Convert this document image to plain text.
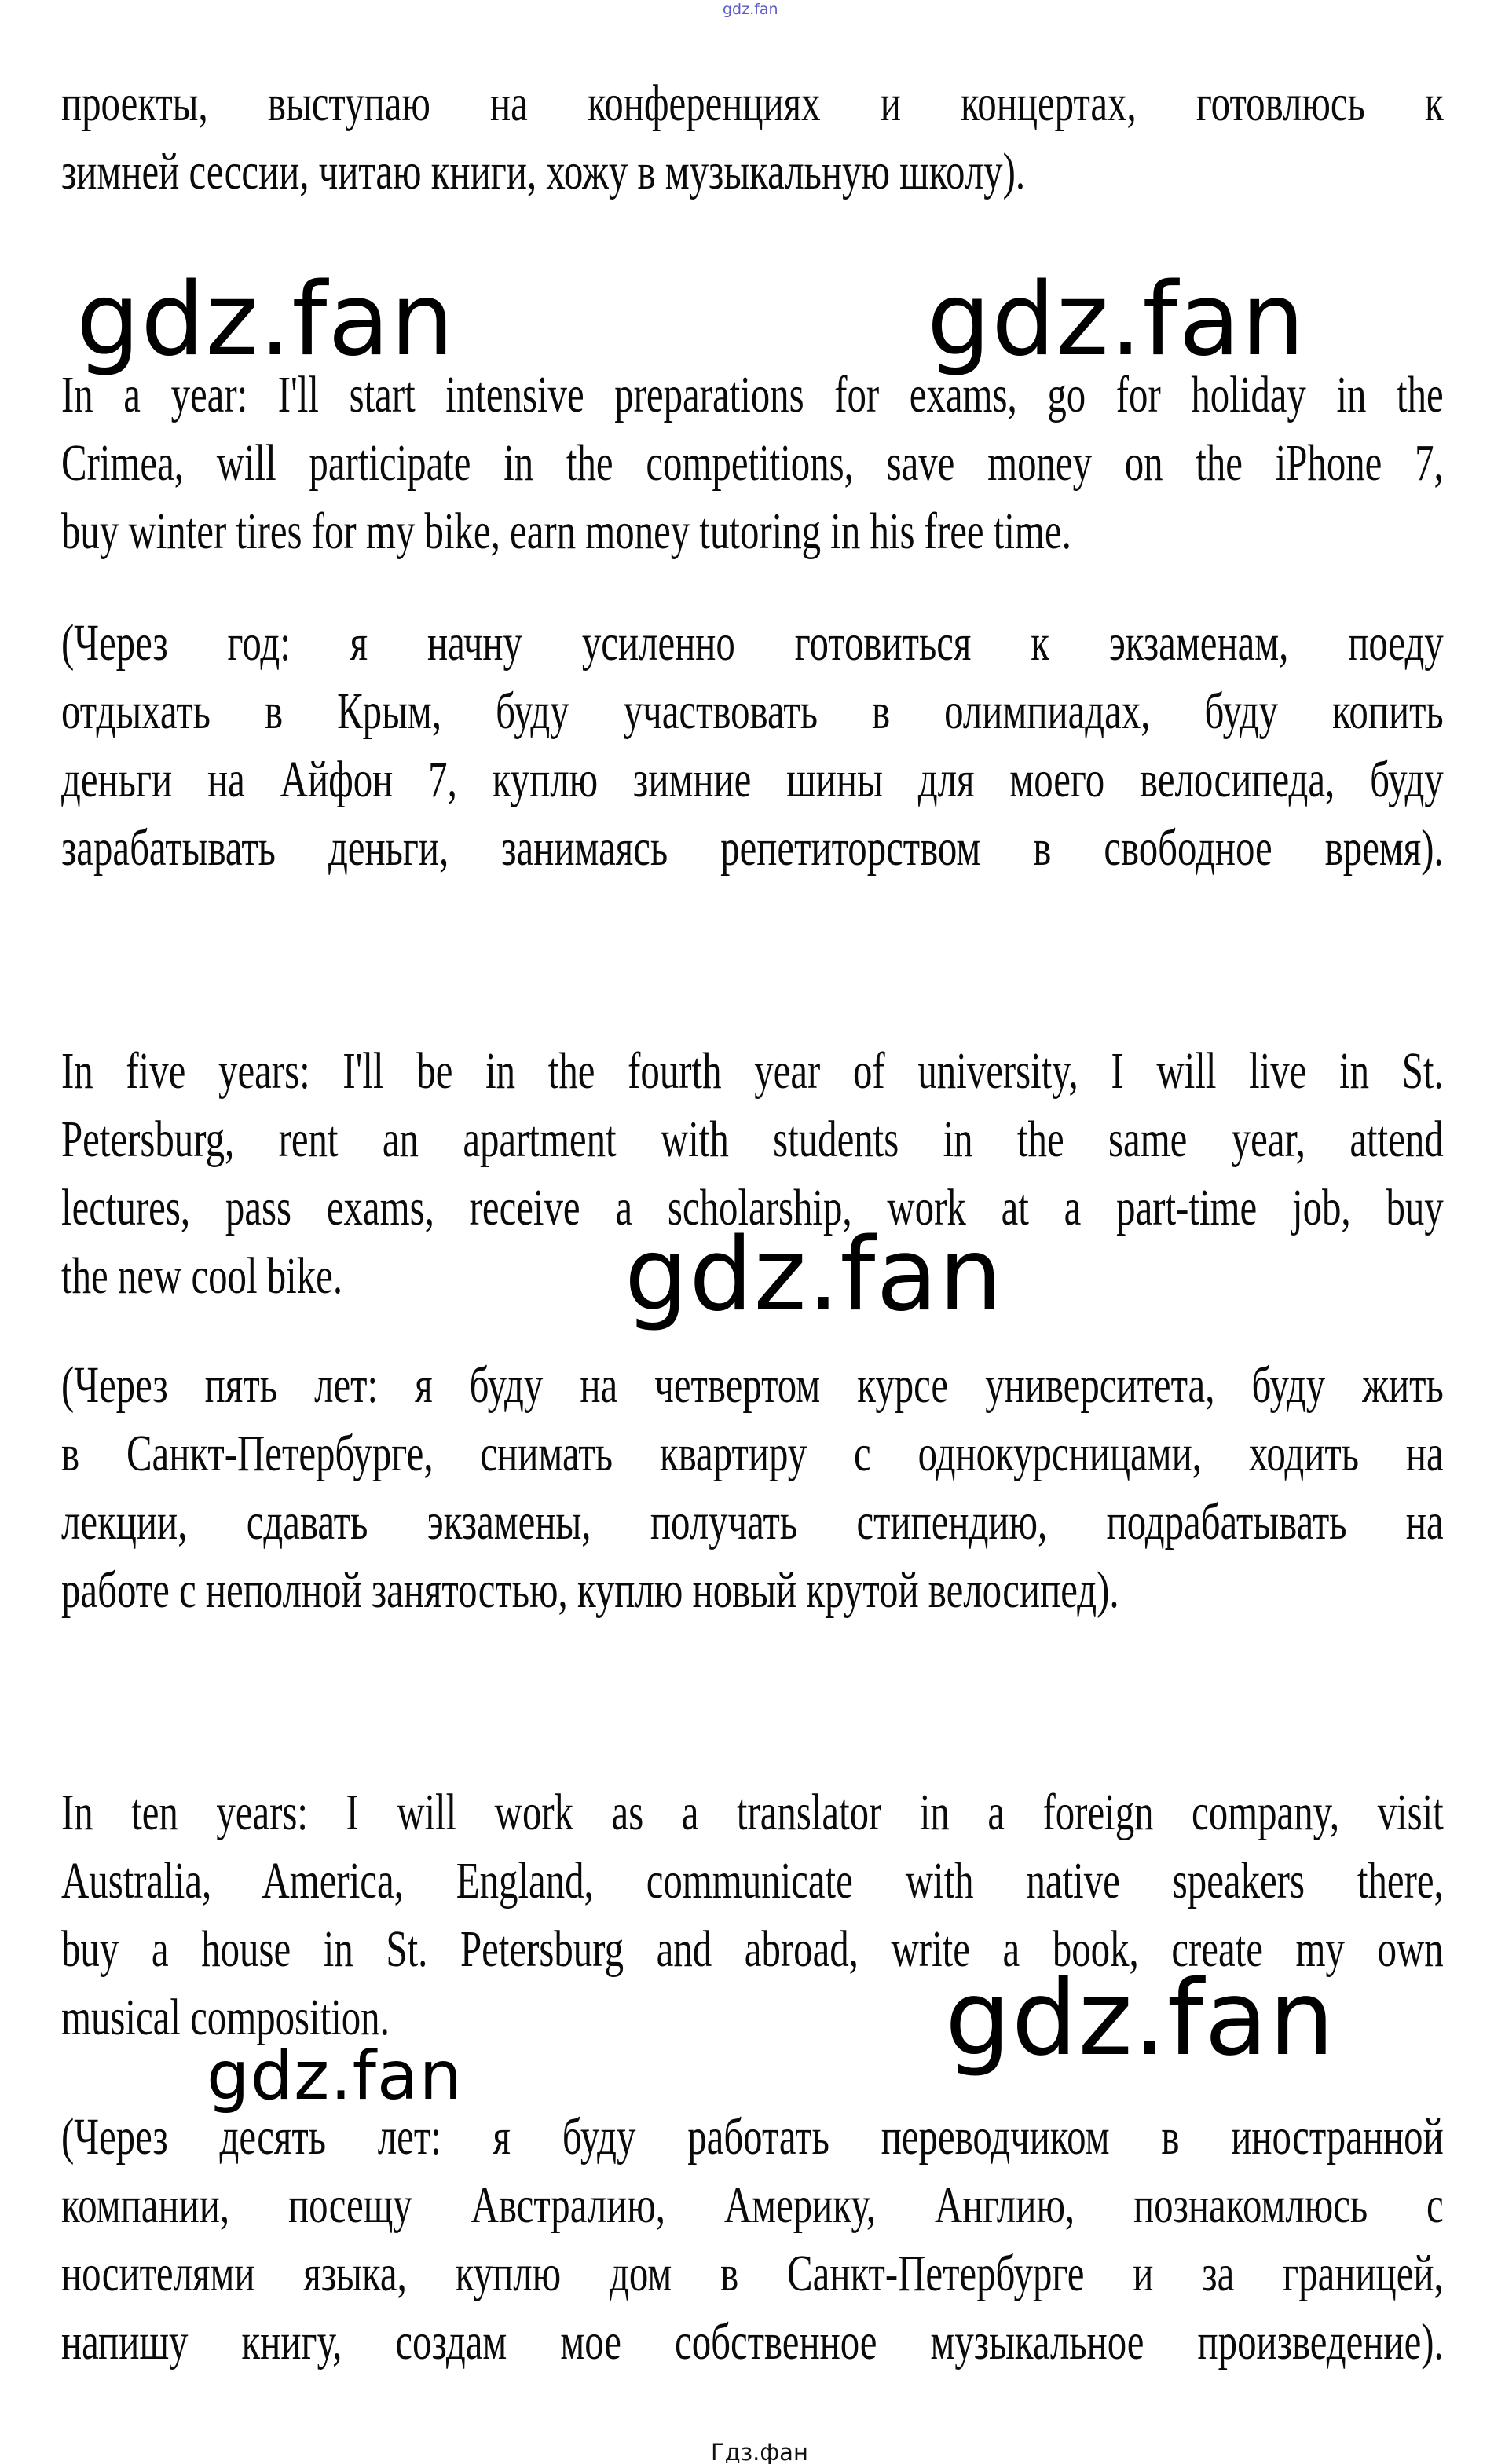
gdz.fan
gdz.fan	gdz.fan
проекты, выступаю на конференциях и концертах, готовлюсь к
зимней сессии, читаю книги, хожу в музыкальную школу).
In a year: I'll start intensive preparations for exams, go for holiday in the
Crimea, will participate in the competitions, save money on the iPhone 7,
buy winter tires for my bike, earn money tutoring in his free time.
(Через год: я начну усиленно готовиться к экзаменам, поеду
отдыхать в Крым, буду участвовать в олимпиадах, буду копить
деньги на Айфон 7, куплю зимние шины для моего велосипеда, буду
зарабатывать деньги, занимаясь репетиторством в свободное время).
In five years: I'll be in the fourth year of university, I will live in St.
Petersburg, rent an apartment with students in the same year, attend
lectures, pass exams, receive a scholarship, work at a part-time job, buy
the new cool bike.	gdz.fan
(Через пять лет: я буду на четвертом курсе университета, буду жить
в Санкт-Петербурге, снимать квартиру с однокурсницами, ходить на
лекции, сдавать экзамены, получать стипендию, подрабатывать на
работе с неполной занятостью, куплю новый крутой велосипед).
In ten years: I will work as a translator in a foreign company, visit
Australia, America, England, communicate with native speakers there,
buy a house in St. Petersburg and abroad, write a book, create my own
musical composition.	gdz.fan
gdz.fan
(Через десять лет: я буду работать переводчиком в иностранной
компании, посещу Австралию, Америку, Англию, познакомлюсь с
носителями языка, куплю дом в Санкт-Петербурге и за границей,
напишу книгу, создам мое собственное музыкальное произведение).
Гдз.фан
